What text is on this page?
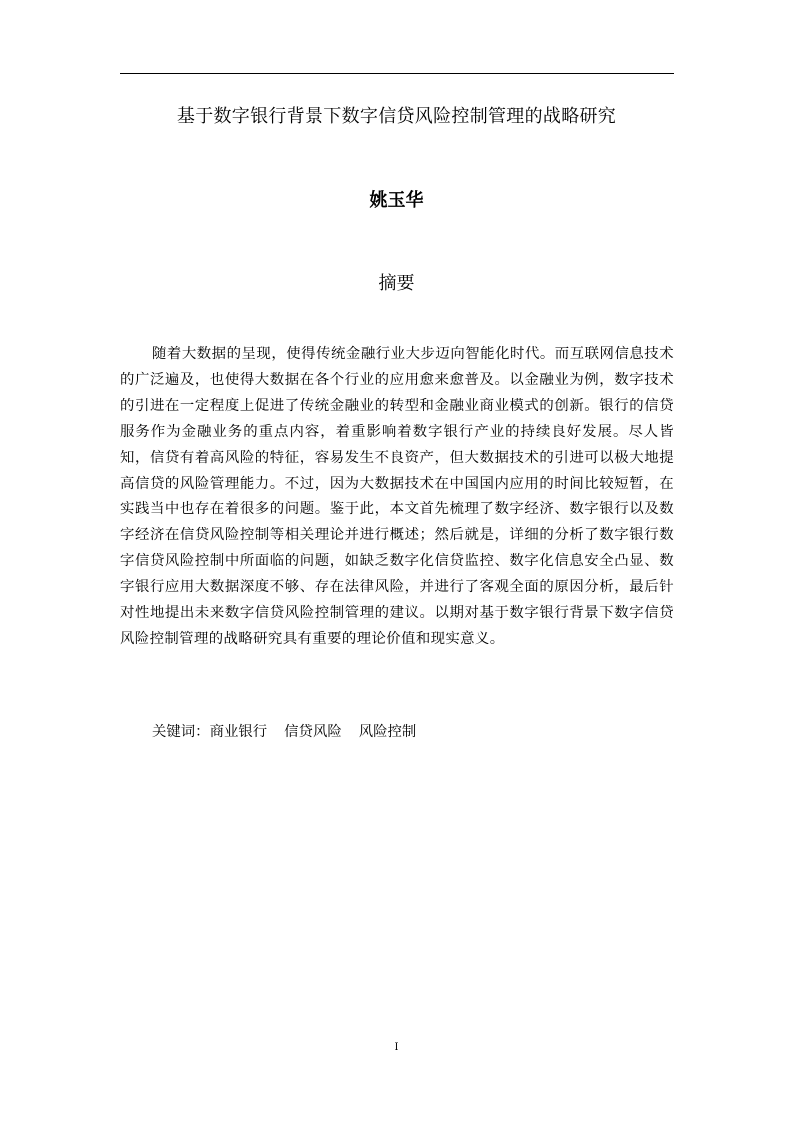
基于数字银行背景下数字信贷风险控制管理的战略研究
姚玉华
摘要

随着大数据的呈现，使得传统金融行业大步迈向智能化时代。而互联网信息技术的广泛遍及，也使得大数据在各个行业的应用愈来愈普及。以金融业为例，数字技术的引进在一定程度上促进了传统金融业的转型和金融业商业模式的创新。银行的信贷服务作为金融业务的重点内容，着重影响着数字银行产业的持续良好发展。尽人皆知，信贷有着高风险的特征，容易发生不良资产，但大数据技术的引进可以极大地提高信贷的风险管理能力。不过，因为大数据技术在中国国内应用的时间比较短暂，在实践当中也存在着很多的问题。鉴于此，本文首先梳理了数字经济、数字银行以及数字经济在信贷风险控制等相关理论并进行概述；然后就是，详细的分析了数字银行数字信贷风险控制中所面临的问题，如缺乏数字化信贷监控、数字化信息安全凸显、数字银行应用大数据深度不够、存在法律风险，并进行了客观全面的原因分析，最后针对性地提出未来数字信贷风险控制管理的建议。以期对基于数字银行背景下数字信贷风险控制管理的战略研究具有重要的理论价值和现实意义。

关键词：商业银行 信贷风险 风险控制
I
